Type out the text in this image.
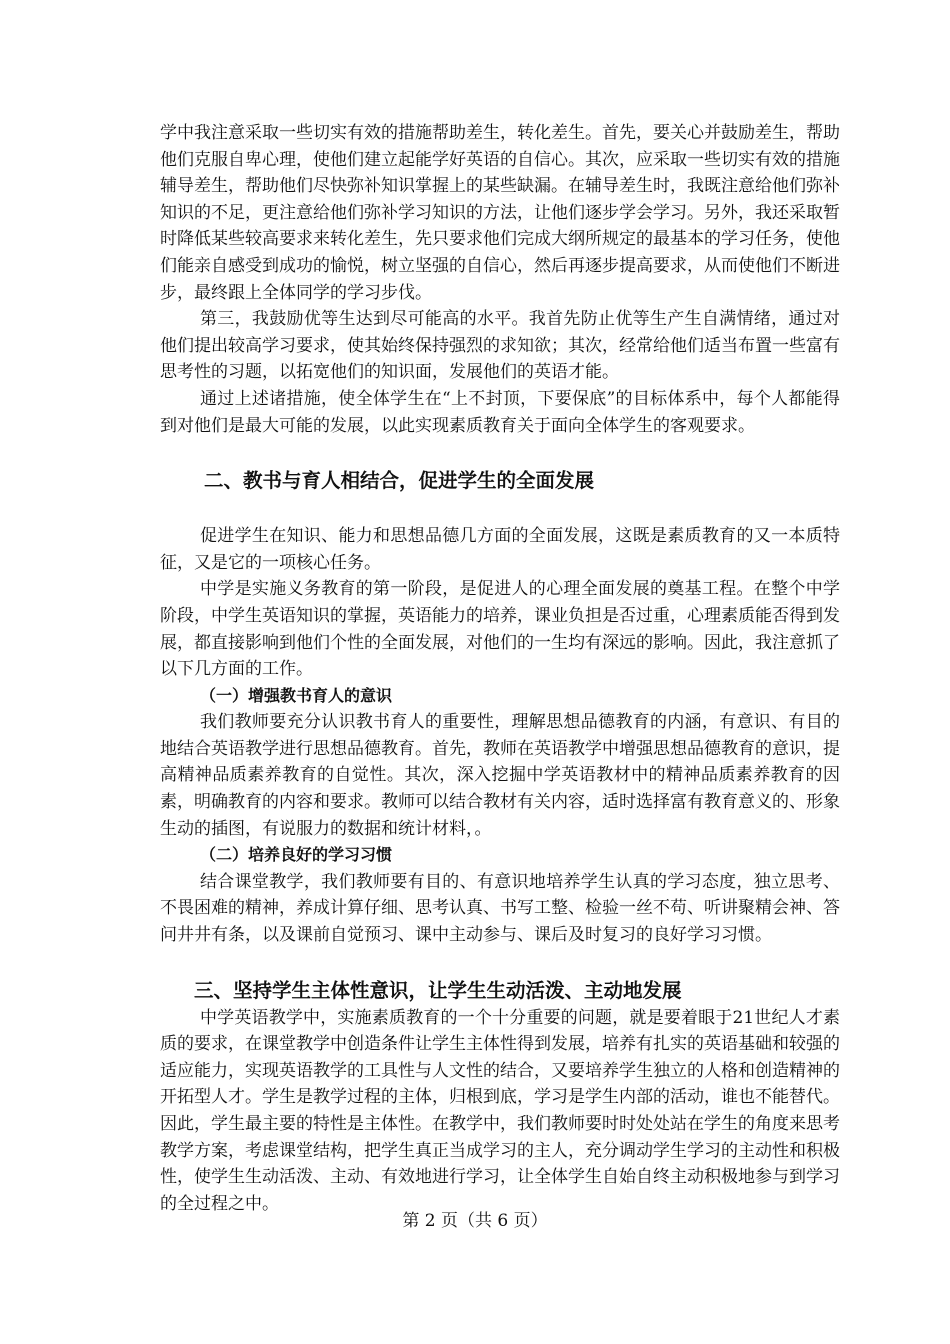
学中我注意采取一些切实有效的措施帮助差生，转化差生。首先，要关心并鼓励差生，帮助他们克服自卑心理，使他们建立起能学好英语的自信心。其次，应采取一些切实有效的措施辅导差生，帮助他们尽快弥补知识掌握上的某些缺漏。在辅导差生时，我既注意给他们弥补知识的不足，更注意给他们弥补学习知识的方法，让他们逐步学会学习。另外，我还采取暂时降低某些较高要求来转化差生，先只要求他们完成大纲所规定的最基本的学习任务，使他们能亲自感受到成功的愉悦，树立坚强的自信心，然后再逐步提高要求，从而使他们不断进步，最终跟上全体同学的学习步伐。

第三，我鼓励优等生达到尽可能高的水平。我首先防止优等生产生自满情绪，通过对他们提出较高学习要求，使其始终保持强烈的求知欲；其次，经常给他们适当布置一些富有思考性的习题，以拓宽他们的知识面，发展他们的英语才能。

通过上述诸措施，使全体学生在“上不封顶，下要保底”的目标体系中，每个人都能得到对他们是最大可能的发展，以此实现素质教育关于面向全体学生的客观要求。

二、教书与育人相结合，促进学生的全面发展

促进学生在知识、能力和思想品德几方面的全面发展，这既是素质教育的又一本质特征，又是它的一项核心任务。

中学是实施义务教育的第一阶段，是促进人的心理全面发展的奠基工程。在整个中学阶段，中学生英语知识的掌握，英语能力的培养，课业负担是否过重，心理素质能否得到发展，都直接影响到他们个性的全面发展，对他们的一生均有深远的影响。因此，我注意抓了以下几方面的工作。

（一）增强教书育人的意识

我们教师要充分认识教书育人的重要性，理解思想品德教育的内涵，有意识、有目的地结合英语教学进行思想品德教育。首先，教师在英语教学中增强思想品德教育的意识，提高精神品质素养教育的自觉性。其次，深入挖掘中学英语教材中的精神品质素养教育的因素，明确教育的内容和要求。教师可以结合教材有关内容，适时选择富有教育意义的、形象生动的插图，有说服力的数据和统计材料，。

（二）培养良好的学习习惯

结合课堂教学，我们教师要有目的、有意识地培养学生认真的学习态度，独立思考、不畏困难的精神，养成计算仔细、思考认真、书写工整、检验一丝不苟、听讲聚精会神、答问井井有条，以及课前自觉预习、课中主动参与、课后及时复习的良好学习习惯。

三、坚持学生主体性意识，让学生生动活泼、主动地发展

中学英语教学中，实施素质教育的一个十分重要的问题，就是要着眼于21世纪人才素质的要求，在课堂教学中创造条件让学生主体性得到发展，培养有扎实的英语基础和较强的适应能力，实现英语教学的工具性与人文性的结合，又要培养学生独立的人格和创造精神的开拓型人才。学生是教学过程的主体，归根到底，学习是学生内部的活动，谁也不能替代。因此，学生最主要的特性是主体性。在教学中，我们教师要时时处处站在学生的角度来思考教学方案，考虑课堂结构，把学生真正当成学习的主人，充分调动学生学习的主动性和积极性，使学生生动活泼、主动、有效地进行学习，让全体学生自始自终主动积极地参与到学习的全过程之中。

第 2 页（共 6 页）
